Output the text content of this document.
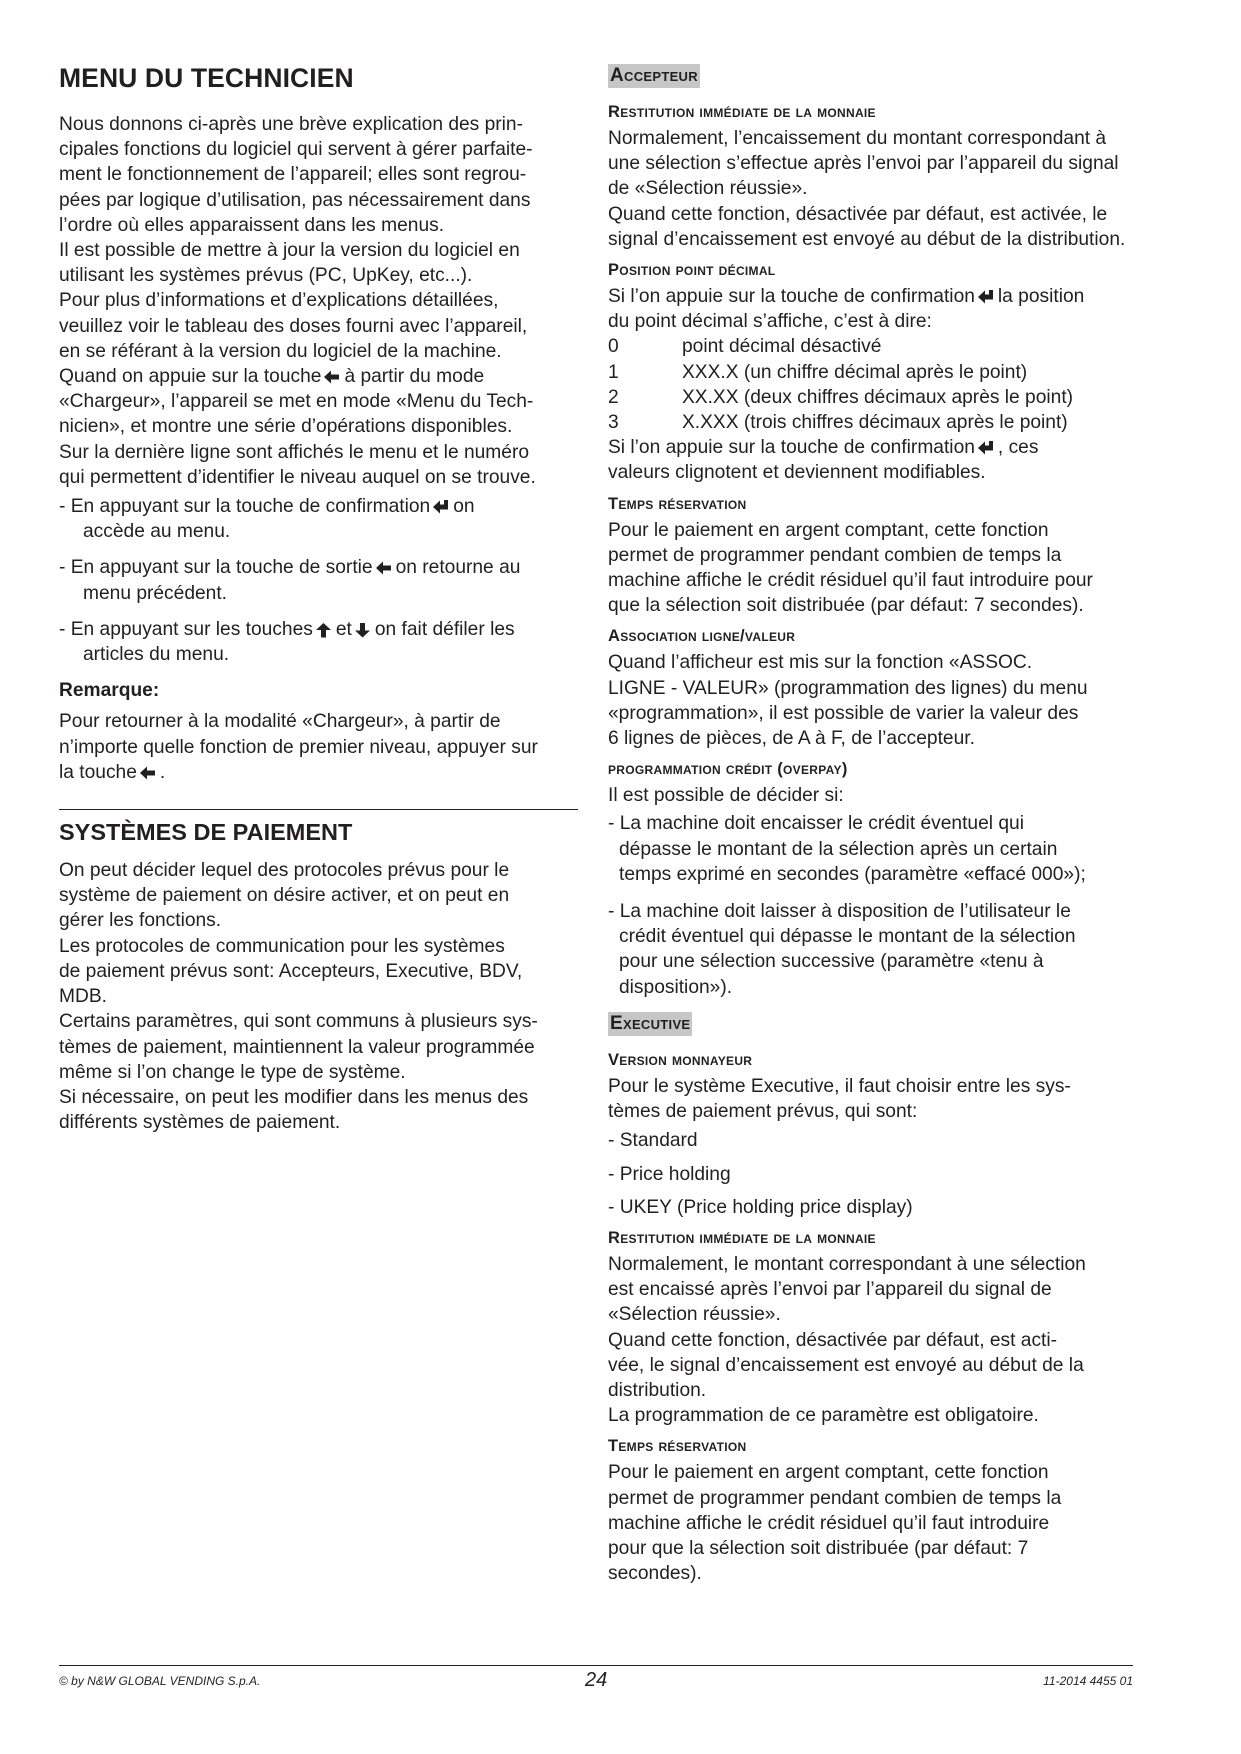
MENU DU TECHNICIEN

Nous donnons ci-après une brève explication des prin-

cipales fonctions du logiciel qui servent à gérer parfaite-

ment le fonctionnement de l’appareil; elles sont regrou-

pées par logique d’utilisation, pas nécessairement dans

l’ordre où elles apparaissent dans les menus.

Il est possible de mettre à jour la version du logiciel en

utilisant les systèmes prévus (PC, UpKey, etc...).

Pour plus d’informations et d’explications détaillées,

veuillez voir le tableau des doses fourni avec l’appareil,

en se référant à la version du logiciel de la machine.

Quand on appuie sur la touche à partir du mode

«Chargeur», l’appareil se met en mode «Menu du Tech-

nicien», et montre une série d’opérations disponibles.

Sur la dernière ligne sont affichés le menu et le numéro

qui permettent d’identifier le niveau auquel on se trouve.

- En appuyant sur la touche de confirmation on
accède au menu.
- En appuyant sur la touche de sortie on retourne au
menu précédent.
- En appuyant sur les touches et on fait défiler les
articles du menu.
Remarque:

Pour retourner à la modalité «Chargeur», à partir de

n’importe quelle fonction de premier niveau, appuyer sur

la touche .

SYSTÈMES DE PAIEMENT

On peut décider lequel des protocoles prévus pour le

système de paiement on désire activer, et on peut en

gérer les fonctions.

Les protocoles de communication pour les systèmes

de paiement prévus sont: Accepteurs, Executive, BDV,

MDB.

Certains paramètres, qui sont communs à plusieurs sys-

tèmes de paiement, maintiennent la valeur programmée

même si l’on change le type de système.

Si nécessaire, on peut les modifier dans les menus des

différents systèmes de paiement.

Accepteur
Restitution immédiate de la monnaie

Normalement, l’encaissement du montant correspondant à

une sélection s’effectue après l’envoi par l’appareil du signal

de «Sélection réussie».

Quand cette fonction, désactivée par défaut, est activée, le

signal d’encaissement est envoyé au début de la distribution.

Position point décimal

Si l’on appuie sur la touche de confirmation la position

du point décimal s’affiche, c’est à dire:

0	point décimal désactivé
1	XXX.X (un chiffre décimal après le point)
2	XX.XX (deux chiffres décimaux après le point)
3	X.XXX (trois chiffres décimaux après le point)

Si l’on appuie sur la touche de confirmation , ces

valeurs clignotent et deviennent modifiables.

Temps réservation

Pour le paiement en argent comptant, cette fonction

permet de programmer pendant combien de temps la

machine affiche le crédit résiduel qu’il faut introduire pour

que la sélection soit distribuée (par défaut: 7 secondes).

Association ligne/valeur

Quand l’afficheur est mis sur la fonction «ASSOC.

LIGNE - VALEUR» (programmation des lignes) du menu

«programmation», il est possible de varier la valeur des

6 lignes de pièces, de A à F, de l’accepteur.

programmation crédit (overpay)

Il est possible de décider si:

- La machine doit encaisser le crédit éventuel qui
dépasse le montant de la sélection après un certain
temps exprimé en secondes (paramètre «effacé 000»);
- La machine doit laisser à disposition de l’utilisateur le
crédit éventuel qui dépasse le montant de la sélection
pour une sélection successive (paramètre «tenu à
disposition»).
Executive
Version monnayeur

Pour le système Executive, il faut choisir entre les sys-

tèmes de paiement prévus, qui sont:

- Standard

- Price holding

- UKEY (Price holding price display)

Restitution immédiate de la monnaie

Normalement, le montant correspondant à une sélection

est encaissé après l’envoi par l’appareil du signal de

«Sélection réussie».

Quand cette fonction, désactivée par défaut, est acti-

vée, le signal d’encaissement est envoyé au début de la

distribution.

La programmation de ce paramètre est obligatoire.

Temps réservation

Pour le paiement en argent comptant, cette fonction

permet de programmer pendant combien de temps la

machine affiche le crédit résiduel qu’il faut introduire

pour que la sélection soit distribuée (par défaut: 7

secondes).

© by N&W GLOBAL VENDING S.p.A.	24	11-2014 4455 01
